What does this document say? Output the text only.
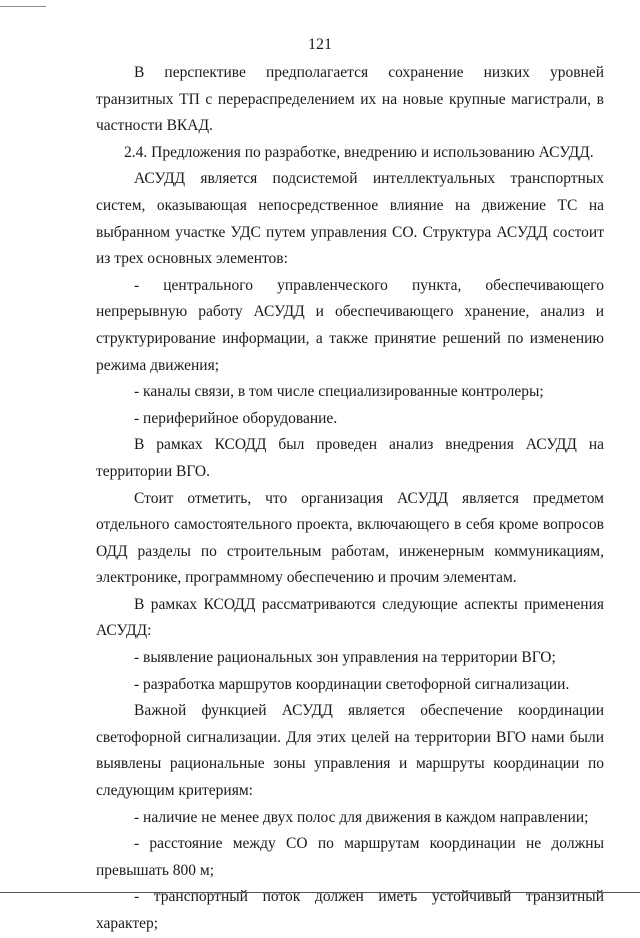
121

В перспективе предполагается сохранение низких уровней транзитных ТП с перераспределением их на новые крупные магистрали, в частности ВКАД.

2.4. Предложения по разработке, внедрению и использованию АСУДД.

АСУДД является подсистемой интеллектуальных транспортных систем, оказывающая непосредственное влияние на движение ТС на выбранном участке УДС путем управления СО. Структура АСУДД состоит из трех основных элементов:

- центрального управленческого пункта, обеспечивающего непрерывную работу АСУДД и обеспечивающего хранение, анализ и структурирование информации, а также принятие решений по изменению режима движения;

- каналы связи, в том числе специализированные контролеры;

- периферийное оборудование.

В рамках КСОДД был проведен анализ внедрения АСУДД на территории ВГО.

Стоит отметить, что организация АСУДД является предметом отдельного самостоятельного проекта, включающего в себя кроме вопросов ОДД разделы по строительным работам, инженерным коммуникациям, электронике, программному обеспечению и прочим элементам.

В рамках КСОДД рассматриваются следующие аспекты применения АСУДД:

- выявление рациональных зон управления на территории ВГО;

- разработка маршрутов координации светофорной сигнализации.

Важной функцией АСУДД является обеспечение координации светофорной сигнализации. Для этих целей на территории ВГО нами были выявлены рациональные зоны управления и маршруты координации по следующим критериям:

- наличие не менее двух полос для движения в каждом направлении;

- расстояние между СО по маршрутам координации не должны превышать 800 м;

- транспортный поток должен иметь устойчивый транзитный характер;
